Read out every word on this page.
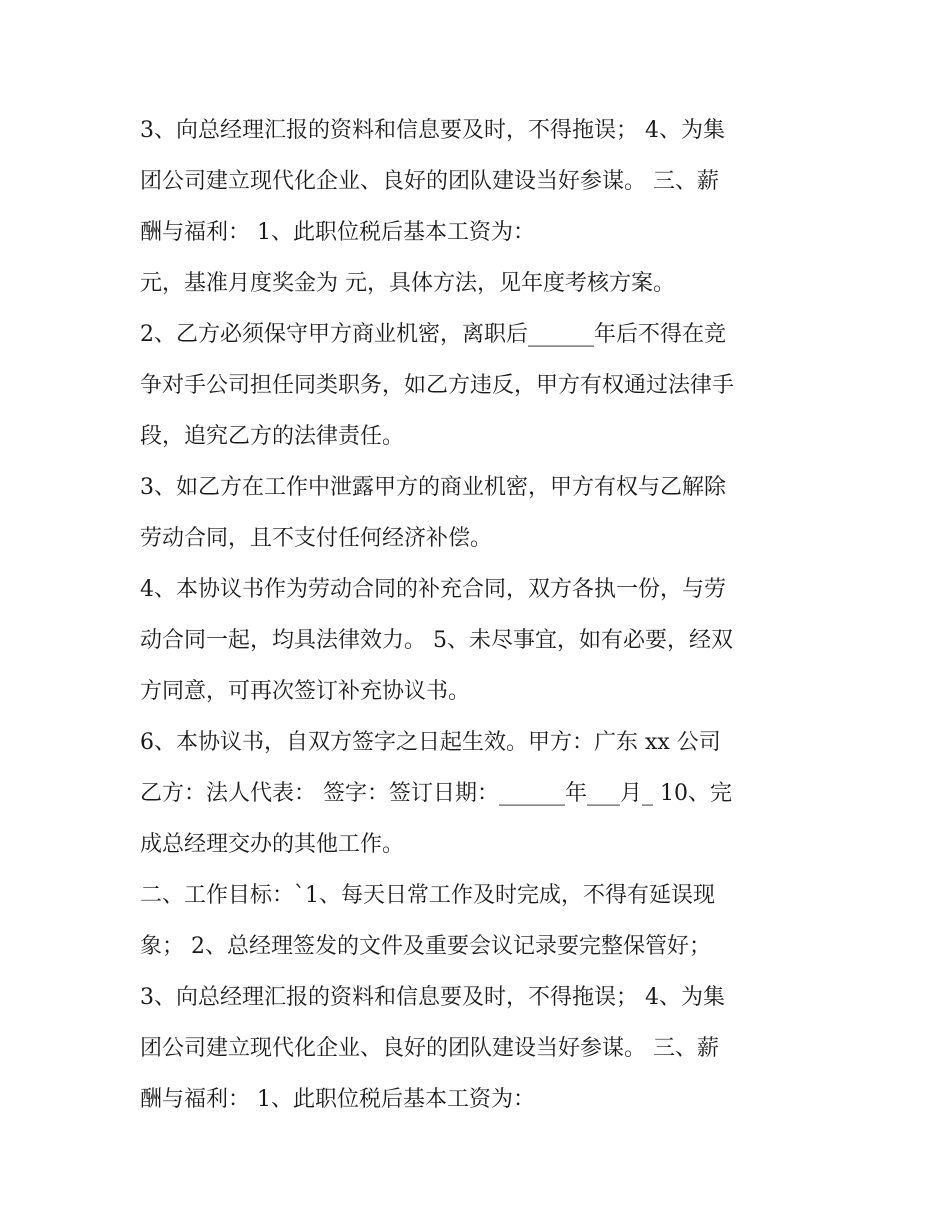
3、向总经理汇报的资料和信息要及时，不得拖误； 4、为集
团公司建立现代化企业、良好的团队建设当好参谋。 三、薪
酬与福利： 1、此职位税后基本工资为：
元，基准月度奖金为 元，具体方法，见年度考核方案。
2、乙方必须保守甲方商业机密，离职后______年后不得在竞
争对手公司担任同类职务，如乙方违反，甲方有权通过法律手
段，追究乙方的法律责任。
3、如乙方在工作中泄露甲方的商业机密，甲方有权与乙解除
劳动合同，且不支付任何经济补偿。
4、本协议书作为劳动合同的补充合同，双方各执一份，与劳
动合同一起，均具法律效力。 5、未尽事宜，如有必要，经双
方同意，可再次签订补充协议书。
6、本协议书，自双方签字之日起生效。甲方：广东 xx 公司
乙方：法人代表： 签字：签订日期：______年___月_ 10、完
成总经理交办的其他工作。
二、工作目标：`1、每天日常工作及时完成，不得有延误现
象； 2、总经理签发的文件及重要会议记录要完整保管好；
3、向总经理汇报的资料和信息要及时，不得拖误； 4、为集
团公司建立现代化企业、良好的团队建设当好参谋。 三、薪
酬与福利： 1、此职位税后基本工资为：
